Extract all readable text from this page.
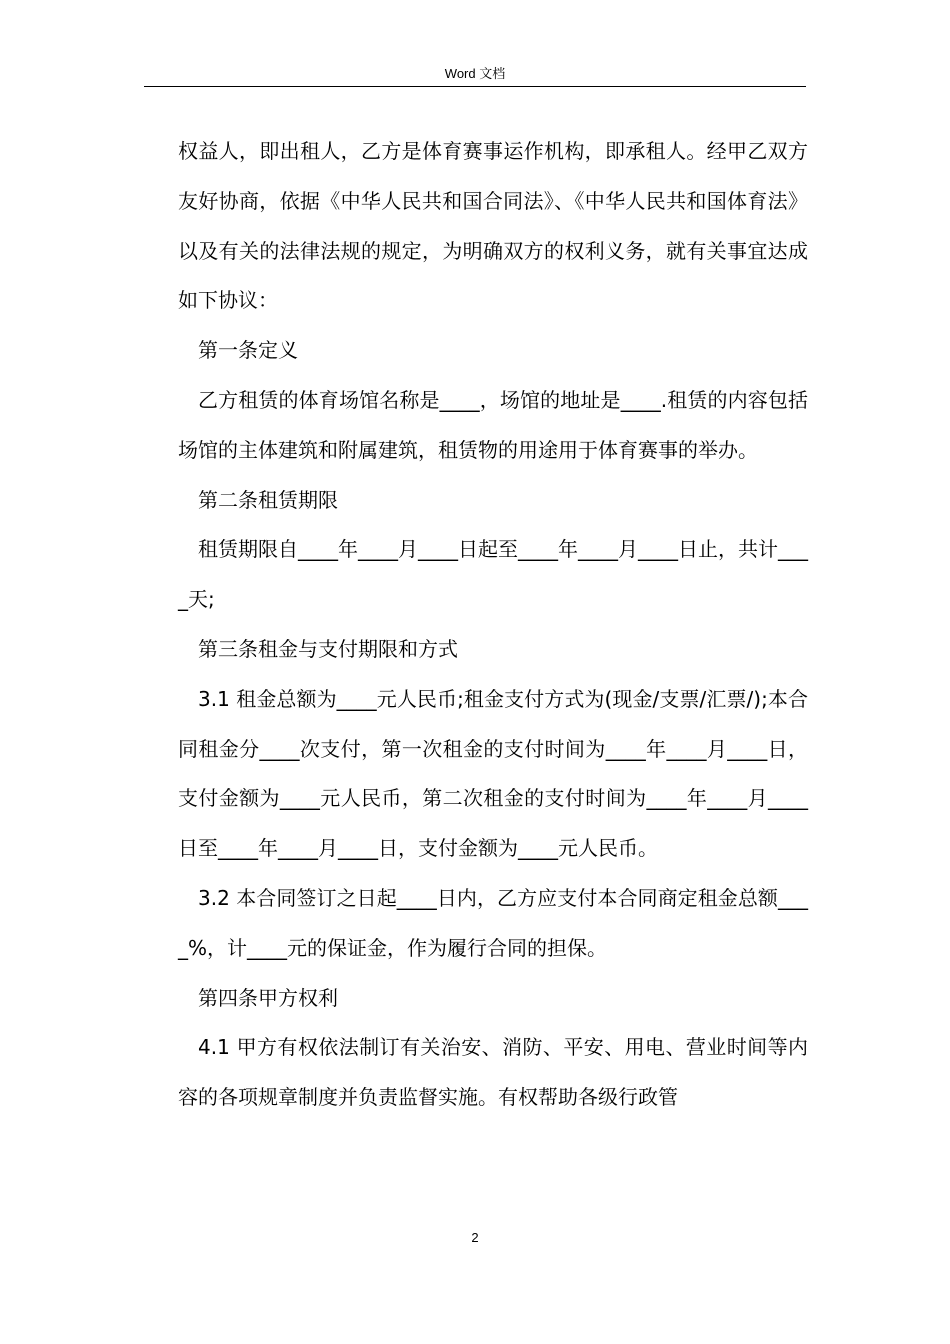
Word 文档

权益人，即出租人，乙方是体育赛事运作机构，即承租人。经甲乙双方友好协商，依据《中华人民共和国合同法》、《中华人民共和国体育法》以及有关的法律法规的规定，为明确双方的权利义务，就有关事宜达成如下协议：

第一条定义

乙方租赁的体育场馆名称是____，场馆的地址是____.租赁的内容包括场馆的主体建筑和附属建筑，租赁物的用途用于体育赛事的举办。

第二条租赁期限

租赁期限自____年____月____日起至____年____月____日止，共计____天;

第三条租金与支付期限和方式

3.1 租金总额为____元人民币;租金支付方式为(现金/支票/汇票/);本合同租金分____次支付，第一次租金的支付时间为____年____月____日，支付金额为____元人民币，第二次租金的支付时间为____年____月____日至____年____月____日，支付金额为____元人民币。

3.2 本合同签订之日起____日内，乙方应支付本合同商定租金总额____%，计____元的保证金，作为履行合同的担保。

第四条甲方权利

4.1 甲方有权依法制订有关治安、消防、平安、用电、营业时间等内容的各项规章制度并负责监督实施。有权帮助各级行政管

2
